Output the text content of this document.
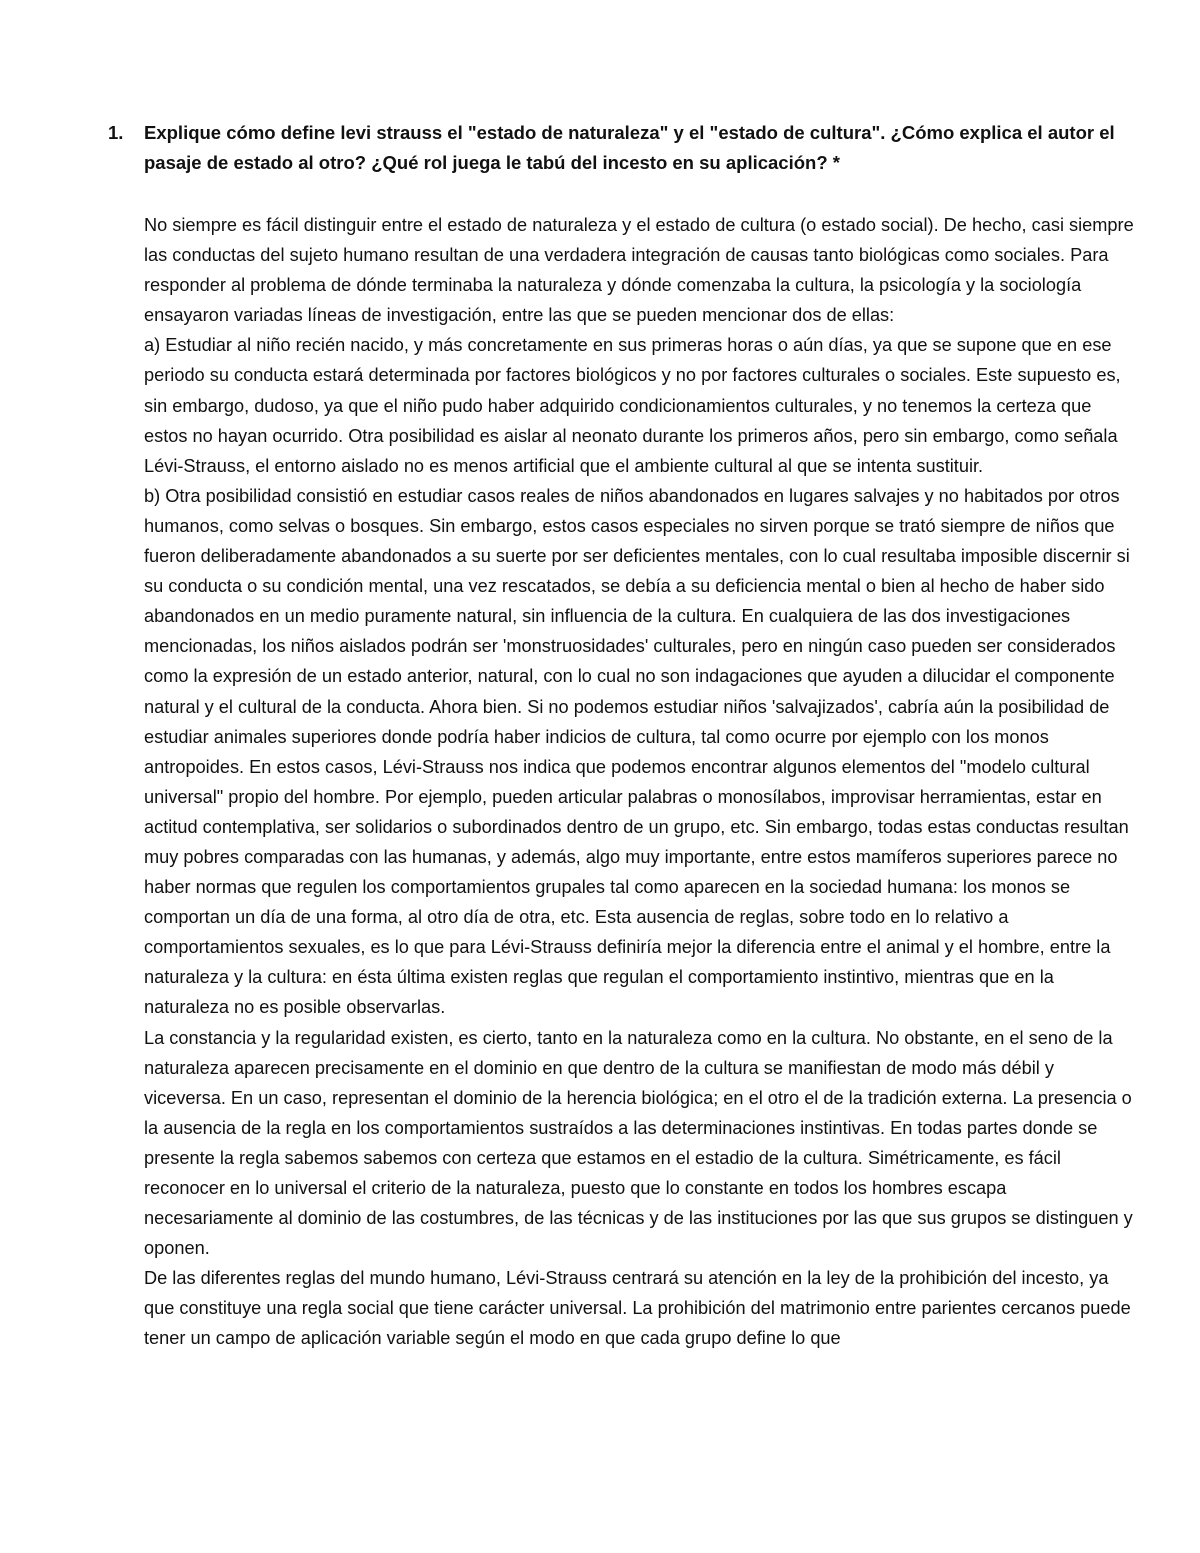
1.	Explique cómo define levi strauss el "estado de naturaleza" y el "estado de cultura". ¿Cómo explica el autor el pasaje de estado al otro? ¿Qué rol juega le tabú del incesto en su aplicación? *

No siempre es fácil distinguir entre el estado de naturaleza y el estado de cultura (o estado social). De hecho, casi siempre las conductas del sujeto humano resultan de una verdadera integración de causas tanto biológicas como sociales. Para responder al problema de dónde terminaba la naturaleza y dónde comenzaba la cultura, la psicología y la sociología ensayaron variadas líneas de investigación, entre las que se pueden mencionar dos de ellas:

a) Estudiar al niño recién nacido, y más concretamente en sus primeras horas o aún días, ya que se supone que en ese periodo su conducta estará determinada por factores biológicos y no por factores culturales o sociales. Este supuesto es, sin embargo, dudoso, ya que el niño pudo haber adquirido condicionamientos culturales, y no tenemos la certeza que estos no hayan ocurrido. Otra posibilidad es aislar al neonato durante los primeros años, pero sin embargo, como señala Lévi-Strauss, el entorno aislado no es menos artificial que el ambiente cultural al que se intenta sustituir.

b) Otra posibilidad consistió en estudiar casos reales de niños abandonados en lugares salvajes y no habitados por otros humanos, como selvas o bosques. Sin embargo, estos casos especiales no sirven porque se trató siempre de niños que fueron deliberadamente abandonados a su suerte por ser deficientes mentales, con lo cual resultaba imposible discernir si su conducta o su condición mental, una vez rescatados, se debía a su deficiencia mental o bien al hecho de haber sido abandonados en un medio puramente natural, sin influencia de la cultura. En cualquiera de las dos investigaciones mencionadas, los niños aislados podrán ser 'monstruosidades' culturales, pero en ningún caso pueden ser considerados como la expresión de un estado anterior, natural, con lo cual no son indagaciones que ayuden a dilucidar el componente natural y el cultural de la conducta. Ahora bien. Si no podemos estudiar niños 'salvajizados', cabría aún la posibilidad de estudiar animales superiores donde podría haber indicios de cultura, tal como ocurre por ejemplo con los monos antropoides. En estos casos, Lévi-Strauss nos indica que podemos encontrar algunos elementos del "modelo cultural universal" propio del hombre. Por ejemplo, pueden articular palabras o monosílabos, improvisar herramientas, estar en actitud contemplativa, ser solidarios o subordinados dentro de un grupo, etc. Sin embargo, todas estas conductas resultan muy pobres comparadas con las humanas, y además, algo muy importante, entre estos mamíferos superiores parece no haber normas que regulen los comportamientos grupales tal como aparecen en la sociedad humana: los monos se comportan un día de una forma, al otro día de otra, etc. Esta ausencia de reglas, sobre todo en lo relativo a comportamientos sexuales, es lo que para Lévi-Strauss definiría mejor la diferencia entre el animal y el hombre, entre la naturaleza y la cultura: en ésta última existen reglas que regulan el comportamiento instintivo, mientras que en la naturaleza no es posible observarlas.

La constancia y la regularidad existen, es cierto, tanto en la naturaleza como en la cultura. No obstante, en el seno de la naturaleza aparecen precisamente en el dominio en que dentro de la cultura se manifiestan de modo más débil y viceversa. En un caso, representan el dominio de la herencia biológica; en el otro el de la tradición externa. La presencia o la ausencia de la regla en los comportamientos sustraídos a las determinaciones instintivas. En todas partes donde se presente la regla sabemos sabemos con certeza que estamos en el estadio de la cultura. Simétricamente, es fácil reconocer en lo universal el criterio de la naturaleza, puesto que lo constante en todos los hombres escapa necesariamente al dominio de las costumbres, de las técnicas y de las instituciones por las que sus grupos se distinguen y oponen.

De las diferentes reglas del mundo humano, Lévi-Strauss centrará su atención en la ley de la prohibición del incesto, ya que constituye una regla social que tiene carácter universal. La prohibición del matrimonio entre parientes cercanos puede tener un campo de aplicación variable según el modo en que cada grupo define lo que
